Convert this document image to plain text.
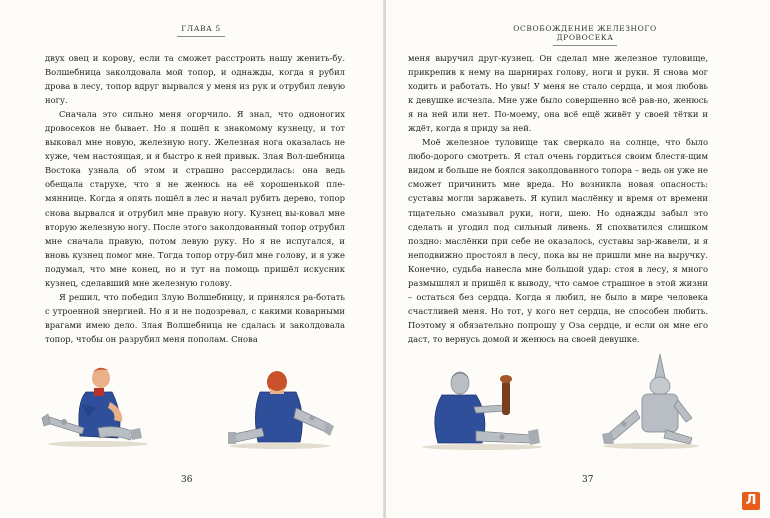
ГЛАВА 5

двух овец и корову, если та сможет расстроить нашу женить-бу. Волшебница заколдовала мой топор, и однажды, когда я рубил дрова в лесу, топор вдруг вырвался у меня из рук и отрубил левую ногу.

Сначала это сильно меня огорчило. Я знал, что одноногих дровосеков не бывает. Но я пошёл к знакомому кузнецу, и тот выковал мне новую, железную ногу. Железная нога оказалась не хуже, чем настоящая, и я быстро к ней привык. Злая Вол-шебница Востока узнала об этом и страшно рассердилась: она ведь обещала старухе, что я не женюсь на её хорошенькой пле-мяннице. Когда я опять пошёл в лес и начал рубить дерево, топор снова вырвался и отрубил мне правую ногу. Кузнец вы-ковал мне вторую железную ногу. После этого заколдованный топор отрубил мне сначала правую, потом левую руку. Но я не испугался, и вновь кузнец помог мне. Тогда топор отру-бил мне голову, и я уже подумал, что мне конец, но и тут на помощь пришёл искусник кузнец, сделавший мне железную голову.

Я решил, что победил Злую Волшебницу, и принялся ра-ботать с утроенной энергией. Но я и не подозревал, с какими коварными врагами имею дело. Злая Волшебница не сдалась и заколдовала топор, чтобы он разрубил меня пополам. Снова

36
ОСВОБОЖДЕНИЕ ЖЕЛЕЗНОГО ДРОВОСЕКА

меня выручил друг-кузнец. Он сделал мне железное туловище, прикрепив к нему на шарнирах голову, ноги и руки. Я снова мог ходить и работать. Но увы! У меня не стало сердца, и моя любовь к девушке исчезла. Мне уже было совершенно всё рав-но, женюсь я на ней или нет. По-моему, она всё ещё живёт у своей тётки и ждёт, когда я приду за ней.

Моё железное туловище так сверкало на солнце, что было любо-дорого смотреть. Я стал очень гордиться своим блестя-щим видом и больше не боялся заколдованного топора – ведь он уже не сможет причинить мне вреда. Но возникла новая опасность: суставы могли заржаветь. Я купил маслёнку и время от времени тщательно смазывал руки, ноги, шею. Но однажды забыл это сделать и угодил под сильный ливень. Я спохватился слишком поздно: маслёнки при себе не оказалось, суставы зар-жавели, и я неподвижно простоял в лесу, пока вы не пришли мне на выручку. Конечно, судьба нанесла мне большой удар: стоя в лесу, я много размышлял и пришёл к выводу, что самое страшное в этой жизни – остаться без сердца. Когда я любил, не было в мире человека счастливей меня. Но тот, у кого нет сердца, не способен любить. Поэтому я обязательно попрошу у Оза сердце, и если он мне его даст, то вернусь домой и женюсь на своей девушке.

37
Л
